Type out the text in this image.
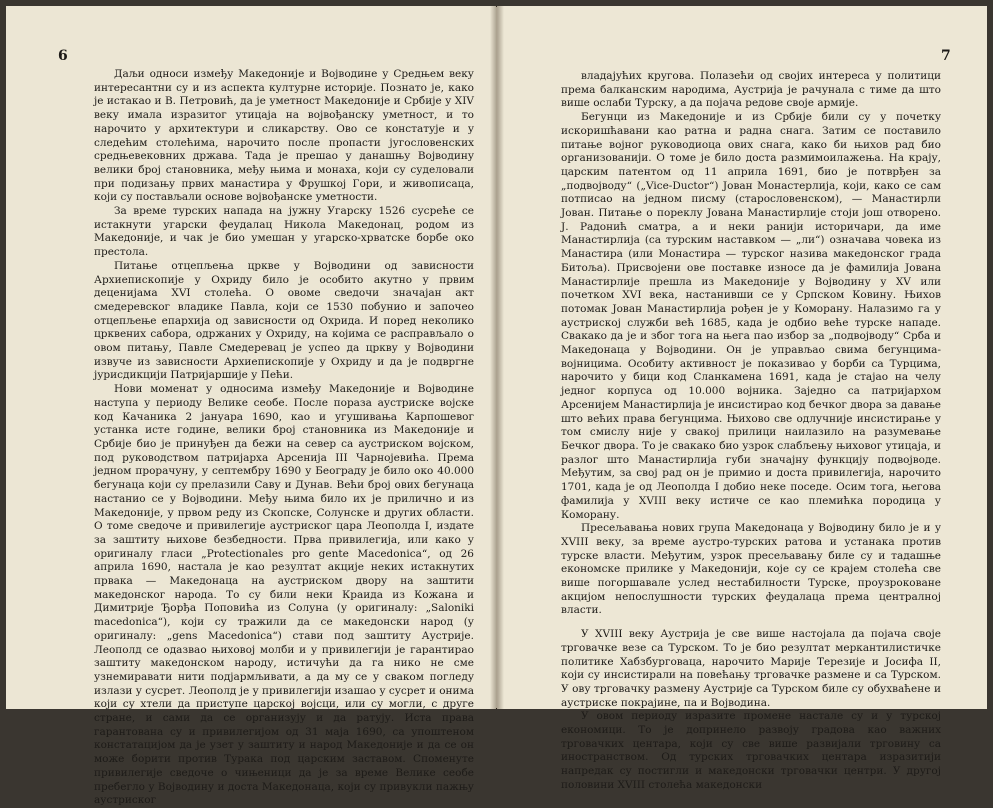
6

Даљи односи између Македоније и Војводине у Средњем веку интересантни су и из аспекта културне историје. Познато је, како је истакао и В. Петровић, да је уметност Македоније и Србије у XIV веку имала изразитог утицаја на војвођанску уметност, и то нарочито у архитектури и сликарству. Ово се констатује и у следећим столећима, нарочито после пропасти југословенских средњевековних држава. Тада је прешао у данашњу Војводину велики број становника, међу њима и монаха, који су суделовали при подизању првих манастира у Фрушкој Гори, и живописаца, који су постављали основе војвођанске уметности.

За време турских напада на јужну Угарску 1526 сусрeће се истакнути угарски феудалац Никола Македонац, родом из Македоније, и чак је био умешан у угарско-хрватске борбе око престола.

Питање отцепљења цркве у Војводини од зависности Архиепископије у Охриду било је особито акутно у првим деценијама XVI столећа. О овоме сведочи значајан акт смедеревског владике Павла, који се 1530 побунио и започео отцепљење епархија од зависности од Охрида. И поред неколико црквених сабора, одржаних у Охриду, на којима се расправљало о овом питању, Павле Смедеревац је успео да цркву у Војводини извуче из зависности Архиепископије у Охриду и да је подвргне јурисдикцији Патријаршије у Пећи.

Нови моменат у односима између Македоније и Војводине наступа у периоду Велике сеобе. После пораза аустриске војске код Качаника 2 јануара 1690, као и угушивања Карпошевог устанка исте године, велики број становника из Македоније и Србије био је принуђен да бежи на север са аустриском војском, под руководством патријарха Арсенија III Чарнојевића. Према једном прорачуну, у септембру 1690 у Београду је било око 40.000 бегунаца који су прелазили Саву и Дунав. Већи број ових бегунаца настанио се у Војводини. Међу њима било их је прилично и из Македоније, у првом реду из Скопске, Солунске и других области. О томе сведоче и привилегије аустриског цара Леополда I, издате за заштиту њихове безбедности. Прва привилегија, или како у оригиналу гласи „Protectionales pro gente Macedonica“, од 26 априла 1690, настала је као резултат акције неких истакнутих првака — Македонаца на аустриском двору на заштити македонског народа. То су били неки Краида из Кожана и Димитрије Ђорђа Поповића из Солуна (у оригиналу: „Saloniki macedonica“), који су тражили да се македонски народ (у оригиналу: „gens Macedonica“) стави под заштиту Аустрије. Леополд се одазвао њиховој молби и у привилегији је гарантирао заштиту македонском народу, истичући да га нико не сме узнемиравати нити подјармљивати, а да му се у сваком погледу излази у сусрет. Леополд је у привилегији изашао у сусрет и онима који су хтели да приступе царској војсци, или су могли, с друге стране, и сами да се организују и да ратују. Иста права гарантована су и привилегијом од 31 маја 1690, са упоштеном констатацијом да је узет у заштиту и народ Македоније и да се он може борити против Турака под царским заставом. Споменуте привилегије сведоче о чињеници да је за време Велике сеобе пребегло у Војводину и доста Македонаца, који су привукли пажњу аустриског

7

владајућих кругова. Полазећи од својих интереса у политици према балканским народима, Аустрија је рачунала с тиме да што више ослаби Турску, а да појача редове своје армије.

Бегунци из Македоније и из Србије били су у почетку искоришћавани као ратна и радна снага. Затим се поставило питање војног руководиоца ових снага, како би њихов рад био организованији. О томе је било доста размимоилажења. На крају, царским патентом од 11 априла 1691, био је потврђен за „подвојводу“ („Vice-Ductor“) Јован Монастерлија, који, како се сам потписао на једном писму (старословенском), — Манастирли Јован. Питање о пореклу Јована Манастирлије стоји још отворено. Ј. Радонић сматра, а и неки ранији историчари, да име Манастирлија (са турским наставком — „ли“) означава човека из Манастира (или Монастира — турског назива македонског града Битоља). Присвојени ове поставке износе да је фамилија Јована Манастирлије прешла из Македоније у Војводину у XV или почетком XVI века, настанивши се у Српском Ковину. Њихов потомак Јован Манастирлија рођен је у Коморану. Налазимо га у аустриској служби већ 1685, када је одбио веће турске нападе. Свакако да је и због тога на њега пао избор за „подвојводу“ Срба и Македонаца у Војводини. Он је управљао свима бегунцима-војницима. Особиту активност је показивао у борби са Турцима, нарочито у бици код Сланкамена 1691, када је стајао на челу једног корпуса од 10.000 војника. Заједно са патријархом Арсенијем Манастирлија је инсистирао код бечког двора за давање што већих права бегунцима. Њихово све одлучније инсистирање у том смислу није у свакој прилици наилазило на разумевање Бечког двора. То је свакако био узрок слабљењу њиховог утицаја, и разлог што Манастирлија губи значајну функцију подвојводе. Међутим, за свој рад он је примио и доста привилегија, нарочито 1701, када је од Леополда I добио неке поседе. Осим тога, његова фамилија у XVIII веку истиче се као племићка породица у Коморану.

Пресељавања нових група Македонаца у Војводину било је и у XVIII веку, за време аустро-турских ратова и устанака против турске власти. Међутим, узрок пресељавању биле су и тадашње економске прилике у Македонији, које су се крајем столећа све више погоршавале услед нестабилности Турске, проузроковане акцијом непослушности турских феудалаца према централној власти.

У XVIII веку Аустрија је све више настојала да појача своје трговачке везе са Турском. То је био резултат меркантилистичке политике Хабзбурговаца, нарочито Марије Терезије и Јосифа II, који су инсистирали на повећању трговачке размене и са Турском. У ову трговачку размену Аустрије са Турском биле су обухваћене и аустриске покрајине, па и Војводина.

У овом периоду изразите промене настале су и у турској економици. То је допринело развоју градова као важних трговачких центара, који су све више развијали трговину са иностранством. Од турских трговачких центара изразитији напредак су постигли и македонски трговачки центри. У другој половини XVIII столећа македонски
